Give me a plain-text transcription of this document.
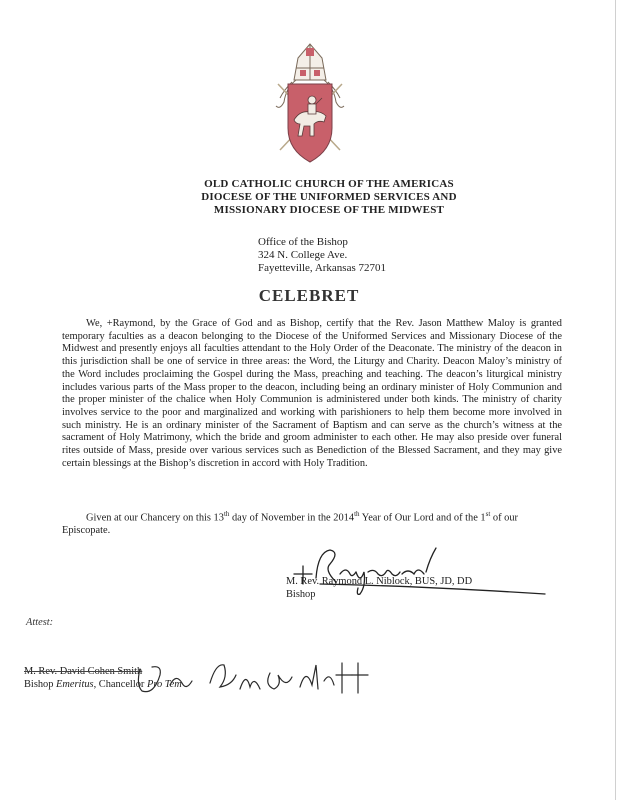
OLD CATHOLIC CHURCH OF THE AMERICAS
DIOCESE OF THE UNIFORMED SERVICES AND
MISSIONARY DIOCESE OF THE MIDWEST
Office of the Bishop
324 N. College Ave.
Fayetteville, Arkansas 72701
CELEBRET

We, +Raymond, by the Grace of God and as Bishop, certify that the Rev. Jason Matthew Maloy is granted temporary faculties as a deacon belonging to the Diocese of the Uniformed Services and Missionary Diocese of the Midwest and presently enjoys all faculties attendant to the Holy Order of the Deaconate. The ministry of the deacon in this jurisdiction shall be one of service in three areas: the Word, the Liturgy and Charity. Deacon Maloy’s ministry of the Word includes proclaiming the Gospel during the Mass, preaching and teaching. The deacon’s liturgical ministry includes various parts of the Mass proper to the deacon, including being an ordinary minister of Holy Communion and the proper minister of the chalice when Holy Communion is administered under both kinds. The ministry of charity involves service to the poor and marginalized and working with parishioners to help them become more involved in such ministry. He is an ordinary minister of the Sacrament of Baptism and can serve as the church’s witness at the sacrament of Holy Matrimony, which the bride and groom administer to each other. He may also preside over funeral rites outside of Mass, preside over various services such as Benediction of the Blessed Sacrament, and they may give certain blessings at the Bishop’s discretion in accord with Holy Tradition.

Given at our Chancery on this 13th day of November in the 2014th Year of Our Lord and of the 1st of our Episcopate.

M. Rev. Raymond L. Niblock, BUS, JD, DD
Bishop
Attest:
M. Rev. David Cohen Smith
Bishop Emeritus, Chancellor Pro Tem
